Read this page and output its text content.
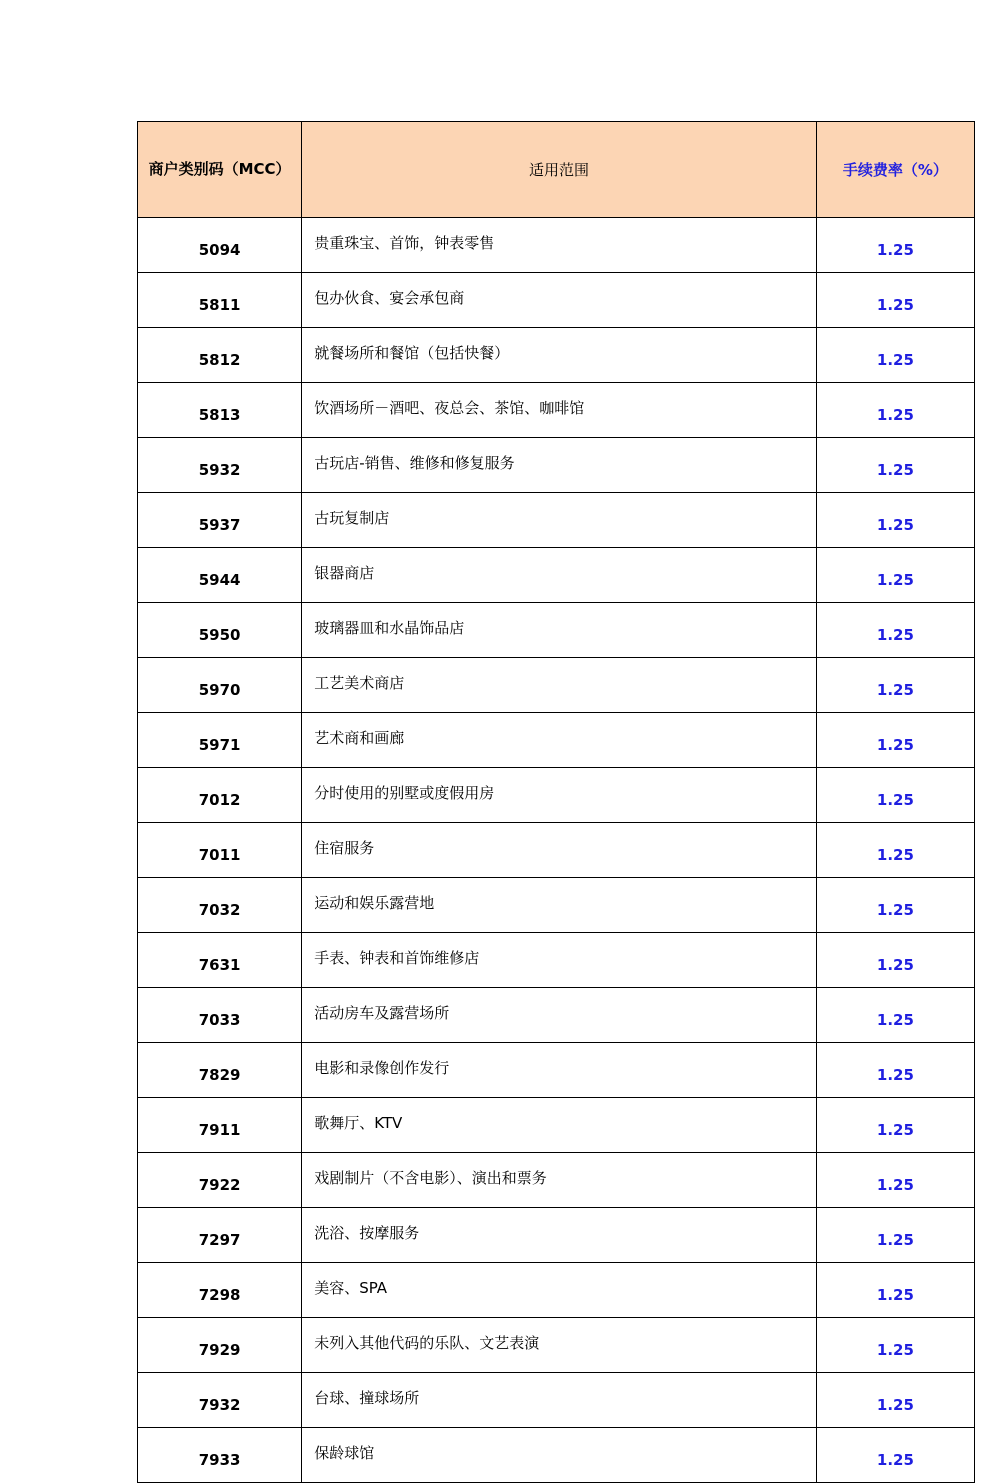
商户类别码（MCC）	适用范围	手续费率（%）
5094	贵重珠宝、首饰，钟表零售	1.25
5811	包办伙食、宴会承包商	1.25
5812	就餐场所和餐馆（包括快餐）	1.25
5813	饮酒场所－酒吧、夜总会、茶馆、咖啡馆	1.25
5932	古玩店-销售、维修和修复服务	1.25
5937	古玩复制店	1.25
5944	银器商店	1.25
5950	玻璃器皿和水晶饰品店	1.25
5970	工艺美术商店	1.25
5971	艺术商和画廊	1.25
7012	分时使用的别墅或度假用房	1.25
7011	住宿服务	1.25
7032	运动和娱乐露营地	1.25
7631	手表、钟表和首饰维修店	1.25
7033	活动房车及露营场所	1.25
7829	电影和录像创作发行	1.25
7911	歌舞厅、KTV	1.25
7922	戏剧制片（不含电影）、演出和票务	1.25
7297	洗浴、按摩服务	1.25
7298	美容、SPA	1.25
7929	未列入其他代码的乐队、文艺表演	1.25
7932	台球、撞球场所	1.25
7933	保龄球馆	1.25
